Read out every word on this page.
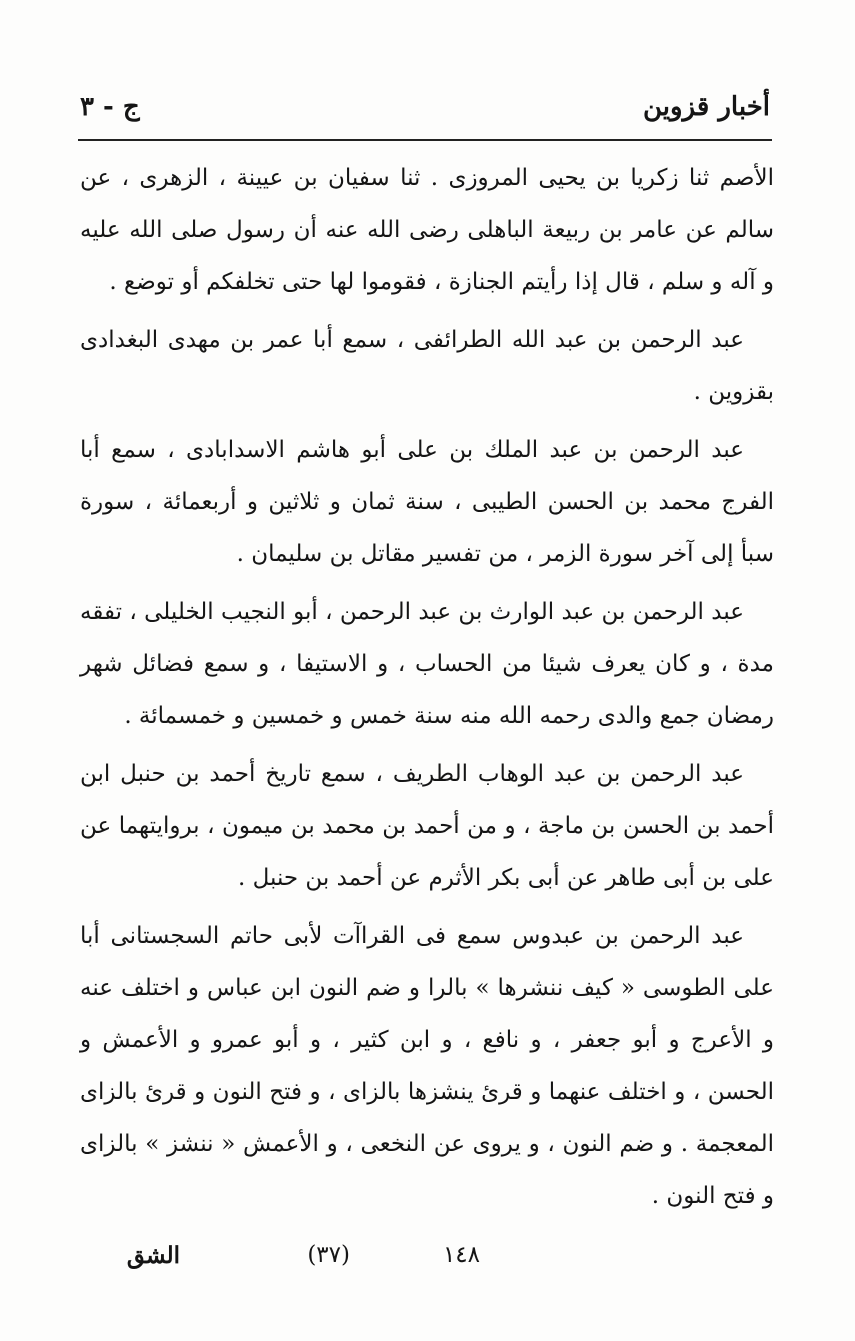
أخبار قزوين
ج - ٣

الأصم ثنا زكريا بن يحيى المروزى . ثنا سفيان بن عيينة ، الزهرى ، عن سالم عن عامر بن ربيعة الباهلى رضى الله عنه أن رسول صلى الله عليه و آله و سلم ، قال إذا رأيتم الجنازة ، فقوموا لها حتى تخلفكم أو توضع .

عبد الرحمن بن عبد الله الطرائفى ، سمع أبا عمر بن مهدى البغدادى بقزوين .

عبد الرحمن بن عبد الملك بن على أبو هاشم الاسدابادى ، سمع أبا الفرج محمد بن الحسن الطيبى ، سنة ثمان و ثلاثين و أربعمائة ، سورة سبأ إلى آخر سورة الزمر ، من تفسير مقاتل بن سليمان .

عبد الرحمن بن عبد الوارث بن عبد الرحمن ، أبو النجيب الخليلى ، تفقه مدة ، و كان يعرف شيئا من الحساب ، و الاستيفا ، و سمع فضائل شهر رمضان جمع والدى رحمه الله منه سنة خمس و خمسين و خمسمائة .

عبد الرحمن بن عبد الوهاب الطريف ، سمع تاريخ أحمد بن حنبل ابن أحمد بن الحسن بن ماجة ، و من أحمد بن محمد بن ميمون ، بروايتهما عن على بن أبى طاهر عن أبى بكر الأثرم عن أحمد بن حنبل .

عبد الرحمن بن عبدوس سمع فى القراآت لأبى حاتم السجستانى أبا على الطوسى « كيف ننشرها » بالرا و ضم النون ابن عباس و اختلف عنه و الأعرج و أبو جعفر ، و نافع ، و ابن كثير ، و أبو عمرو و الأعمش و الحسن ، و اختلف عنهما و قرئ ينشزها بالزاى ، و فتح النون و قرئ بالزاى المعجمة . و ضم النون ، و يروى عن النخعى ، و الأعمش « ننشز » بالزاى و فتح النون .

١٤٨
(٣٧)
الشق
